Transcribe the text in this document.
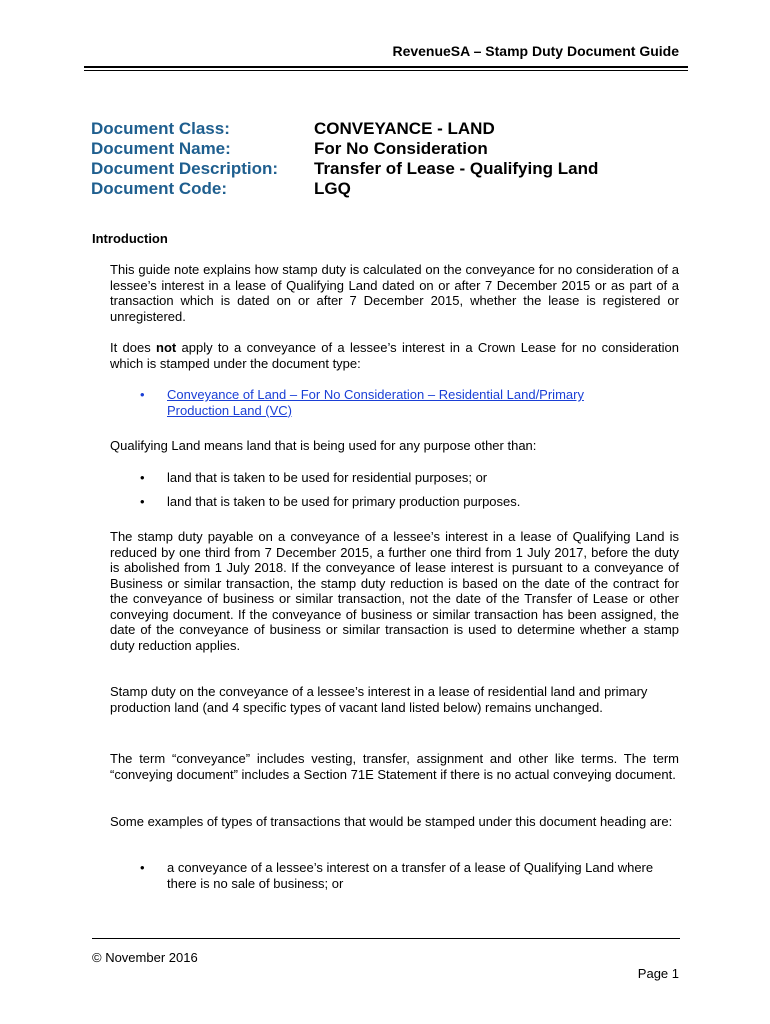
RevenueSA – Stamp Duty Document Guide
Document Class:	CONVEYANCE - LAND
Document Name:	For No Consideration
Document Description:	Transfer of Lease - Qualifying Land
Document Code:	LGQ
Introduction
This guide note explains how stamp duty is calculated on the conveyance for no consideration of a lessee’s interest in a lease of Qualifying Land dated on or after 7 December 2015 or as part of a transaction which is dated on or after 7 December 2015, whether the lease is registered or unregistered.
It does not apply to a conveyance of a lessee’s interest in a Crown Lease for no consideration which is stamped under the document type:
• Conveyance of Land – For No Consideration – Residential Land/Primary
Production Land (VC)
Qualifying Land means land that is being used for any purpose other than:
• land that is taken to be used for residential purposes; or
• land that is taken to be used for primary production purposes.
The stamp duty payable on a conveyance of a lessee’s interest in a lease of Qualifying Land is reduced by one third from 7 December 2015, a further one third from 1 July 2017, before the duty is abolished from 1 July 2018. If the conveyance of lease interest is pursuant to a conveyance of Business or similar transaction, the stamp duty reduction is based on the date of the contract for the conveyance of business or similar transaction, not the date of the Transfer of Lease or other conveying document. If the conveyance of business or similar transaction has been assigned, the date of the conveyance of business or similar transaction is used to determine whether a stamp duty reduction applies.
Stamp duty on the conveyance of a lessee’s interest in a lease of residential land and primary production land (and 4 specific types of vacant land listed below) remains unchanged.
The term “conveyance” includes vesting, transfer, assignment and other like terms. The term “conveying document” includes a Section 71E Statement if there is no actual conveying document.
Some examples of types of transactions that would be stamped under this document heading are:
• a conveyance of a lessee’s interest on a transfer of a lease of Qualifying Land where there is no sale of business; or
© November 2016
Page 1
